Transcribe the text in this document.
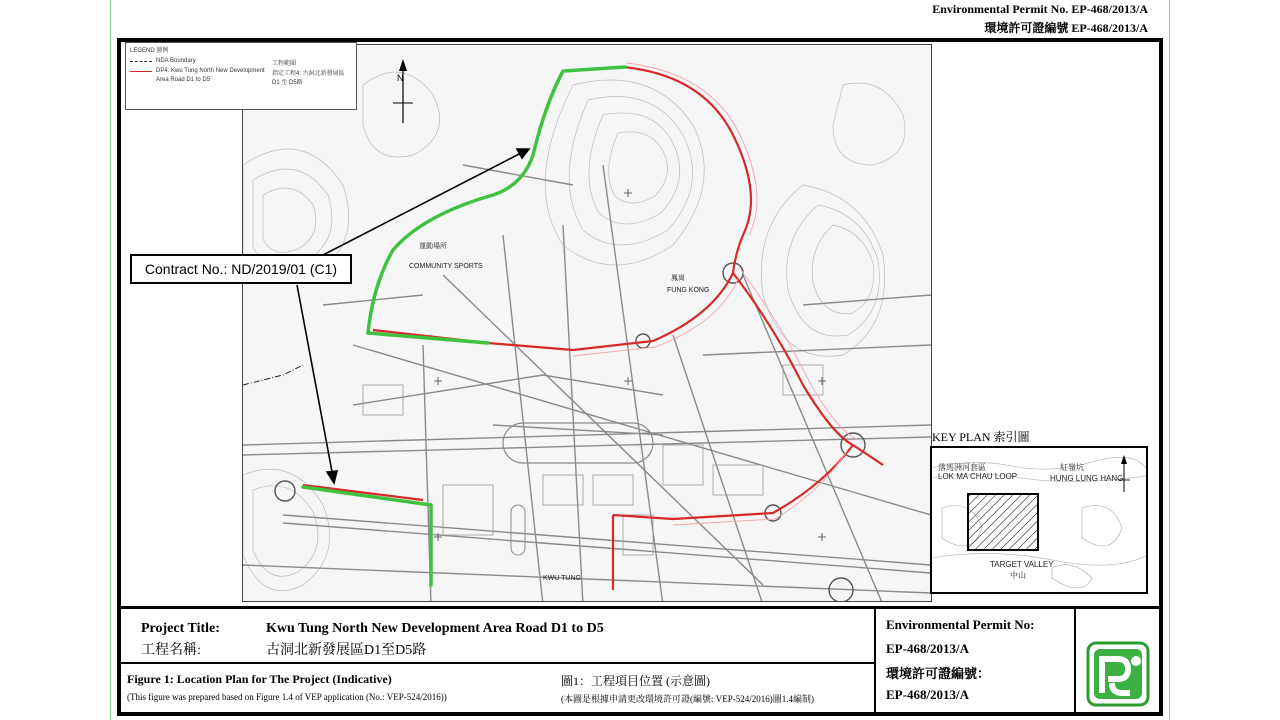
Environmental Permit No. EP-468/2013/A
環境許可證編號 EP-468/2013/A
N
運動場所
COMMUNITY SPORTS
鳳崗
FUNG KONG
KWU TUNG
LEGEND 圖例
NDA Boundary
DP4: Kwu Tung North New Development
Area Road D1 to D5
工程範圍
指定工程4: 古洞北新發展區
D1 至 D5路
Contract No.: ND/2019/01 (C1)
KEY PLAN 索引圖
落馬洲河套區
LOK MA CHAU LOOP
紅嶺坑
HUNG LUNG HANG
TARGET VALLEY
中山
Project Title:
工程名稱:
Kwu Tung North New Development Area Road D1 to D5
古洞北新發展區D1至D5路
Figure 1: Location Plan for The Project (Indicative)
(This figure was prepared based on Figure 1.4 of VEP application (No.: VEP-524/2016))
圖1：工程項目位置 (示意圖)
(本圖是根據申請更改環境許可證(編號: VEP-524/2016)圖1.4編制)
Environmental Permit No:
EP-468/2013/A
環境許可證編號：
EP-468/2013/A
